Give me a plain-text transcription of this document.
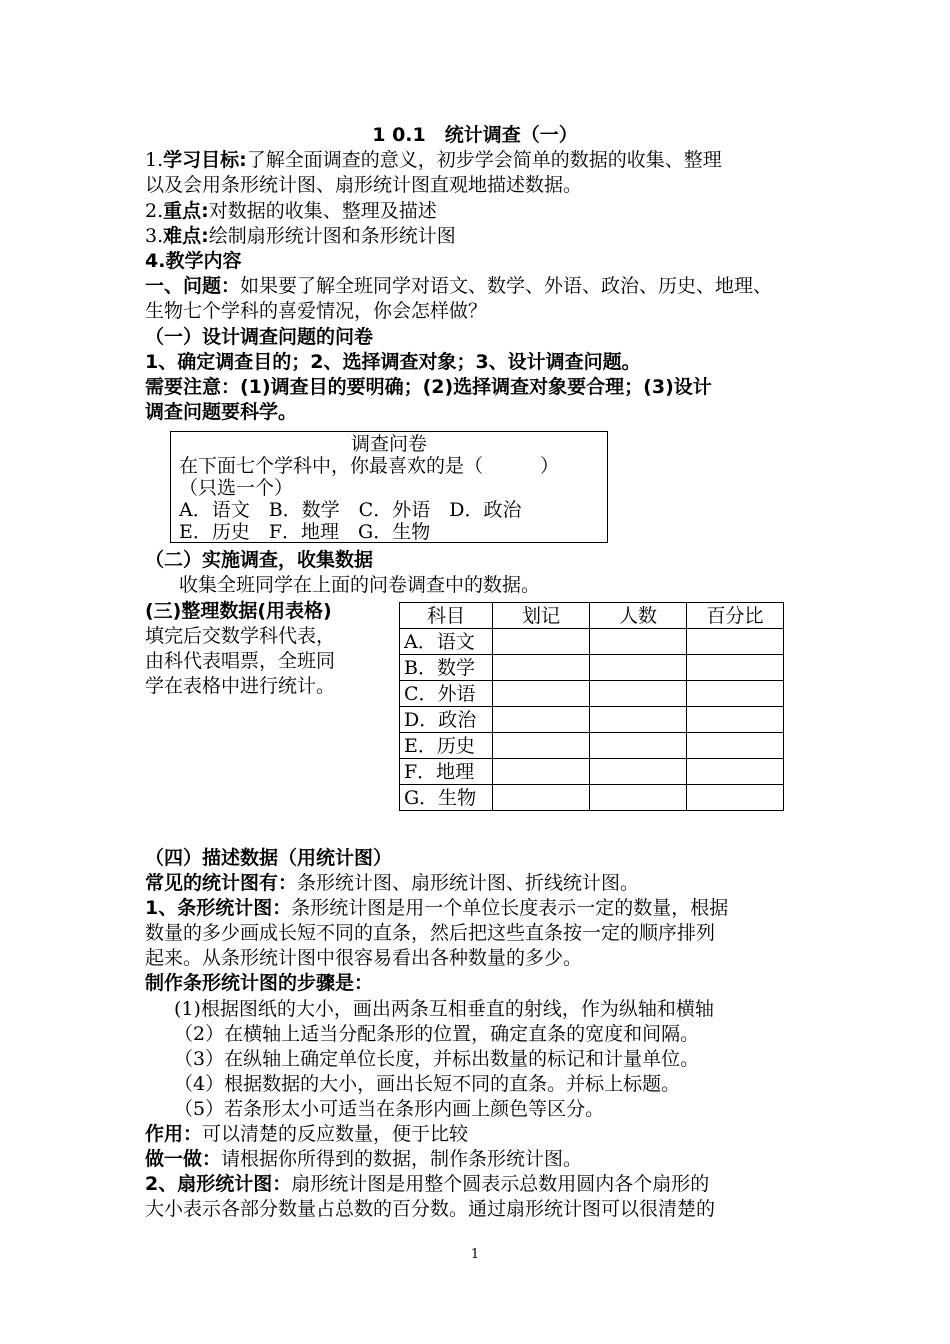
1 0.1　统计调查（一）
1.学习目标:了解全面调查的意义，初步学会简单的数据的收集、整理
以及会用条形统计图、扇形统计图直观地描述数据。
2.重点:对数据的收集、整理及描述
3.难点:绘制扇形统计图和条形统计图
4.教学内容
一、问题：如果要了解全班同学对语文、数学、外语、政治、历史、地理、
生物七个学科的喜爱情况，你会怎样做？
（一）设计调查问题的问卷
1、确定调查目的；2、选择调查对象；3、设计调查问题。
需要注意：(1)调查目的要明确；(2)选择调查对象要合理；(3)设计
调查问题要科学。
调查问卷
在下面七个学科中，你最喜欢的是（　　　）
（只选一个）
A．语文　B．数学　C．外语　D．政治
E．历史　F．地理　G．生物
（二）实施调查，收集数据
收集全班同学在上面的问卷调查中的数据。
(三)整理数据(用表格)
填完后交数学科代表，
由科代表唱票，全班同
学在表格中进行统计。
科目	划记	人数	百分比
A．语文			
B．数学			
C．外语			
D．政治			
E．历史			
F．地理			
G．生物			
（四）描述数据（用统计图）
常见的统计图有：条形统计图、扇形统计图、折线统计图。
1、条形统计图：条形统计图是用一个单位长度表示一定的数量，根据
数量的多少画成长短不同的直条，然后把这些直条按一定的顺序排列
起来。从条形统计图中很容易看出各种数量的多少。
制作条形统计图的步骤是：
(1)根据图纸的大小，画出两条互相垂直的射线，作为纵轴和横轴
（2）在横轴上适当分配条形的位置，确定直条的宽度和间隔。
（3）在纵轴上确定单位长度，并标出数量的标记和计量单位。
（4）根据数据的大小，画出长短不同的直条。并标上标题。
（5）若条形太小可适当在条形内画上颜色等区分。
作用：可以清楚的反应数量，便于比较
做一做：请根据你所得到的数据，制作条形统计图。
2、扇形统计图：扇形统计图是用整个圆表示总数用圆内各个扇形的
大小表示各部分数量占总数的百分数。通过扇形统计图可以很清楚的
1
